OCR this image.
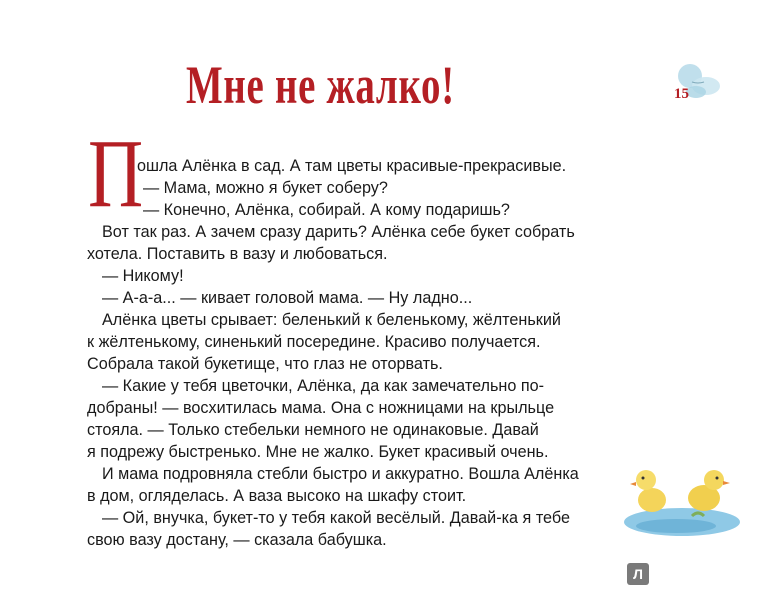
Мне не жалко!	15
П
ошла Алёнка в сад. А там цветы красивые-прекрасивые.
— Мама, можно я букет соберу?
— Конечно, Алёнка, собирай. А кому подаришь?
Вот так раз. А зачем сразу дарить? Алёнка себе букет собрать
хотела. Поставить в вазу и любоваться.
— Никому!
— А-а-а... — кивает головой мама. — Ну ладно...
Алёнка цветы срывает: беленький к беленькому, жёлтенький
к жёлтенькому, синенький посередине. Красиво получается.
Собрала такой букетище, что глаз не оторвать.
— Какие у тебя цветочки, Алёнка, да как замечательно по-
добраны! — восхитилась мама. Она с ножницами на крыльце
стояла. — Только стебельки немного не одинаковые. Давай
я подрежу быстренько. Мне не жалко. Букет красивый очень.
И мама подровняла стебли быстро и аккуратно. Вошла Алёнка
в дом, огляделась. А ваза высоко на шкафу стоит.
— Ой, внучка, букет-то у тебя какой весёлый. Давай-ка я тебе
свою вазу достану, — сказала бабушка.
Л
